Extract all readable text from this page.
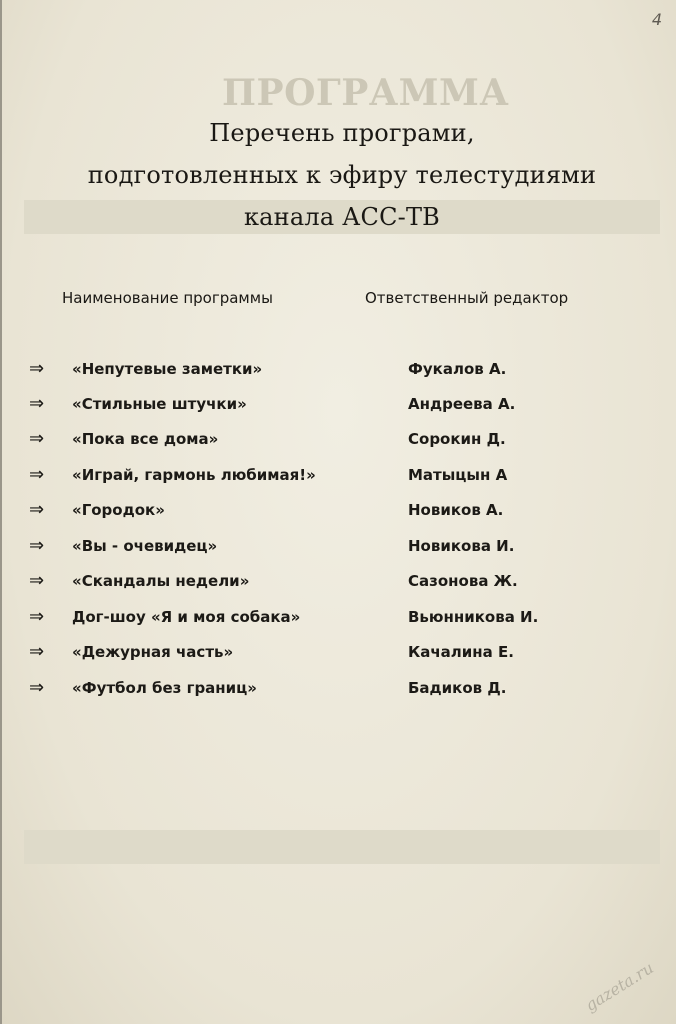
ПРОГРАММА
4
Перечень програми,
подготовленных к эфиру телестудиями
канала АСС-ТВ
Наименование программы	Ответственный редактор
⇒ «Непутевые заметки»	Фукалов А.
⇒ «Стильные штучки»	Андреева А.
⇒ «Пока все дома»	Сорокин Д.
⇒ «Играй, гармонь любимая!»	Матыцын А
⇒ «Городок»	Новиков А.
⇒ «Вы - очевидец»	Новикова И.
⇒ «Скандалы недели»	Сазонова Ж.
⇒ Дог-шоу «Я и моя собака»	Вьюнникова И.
⇒ «Дежурная часть»	Качалина Е.
⇒ «Футбол без границ»	Бадиков Д.
gazeta.ru
